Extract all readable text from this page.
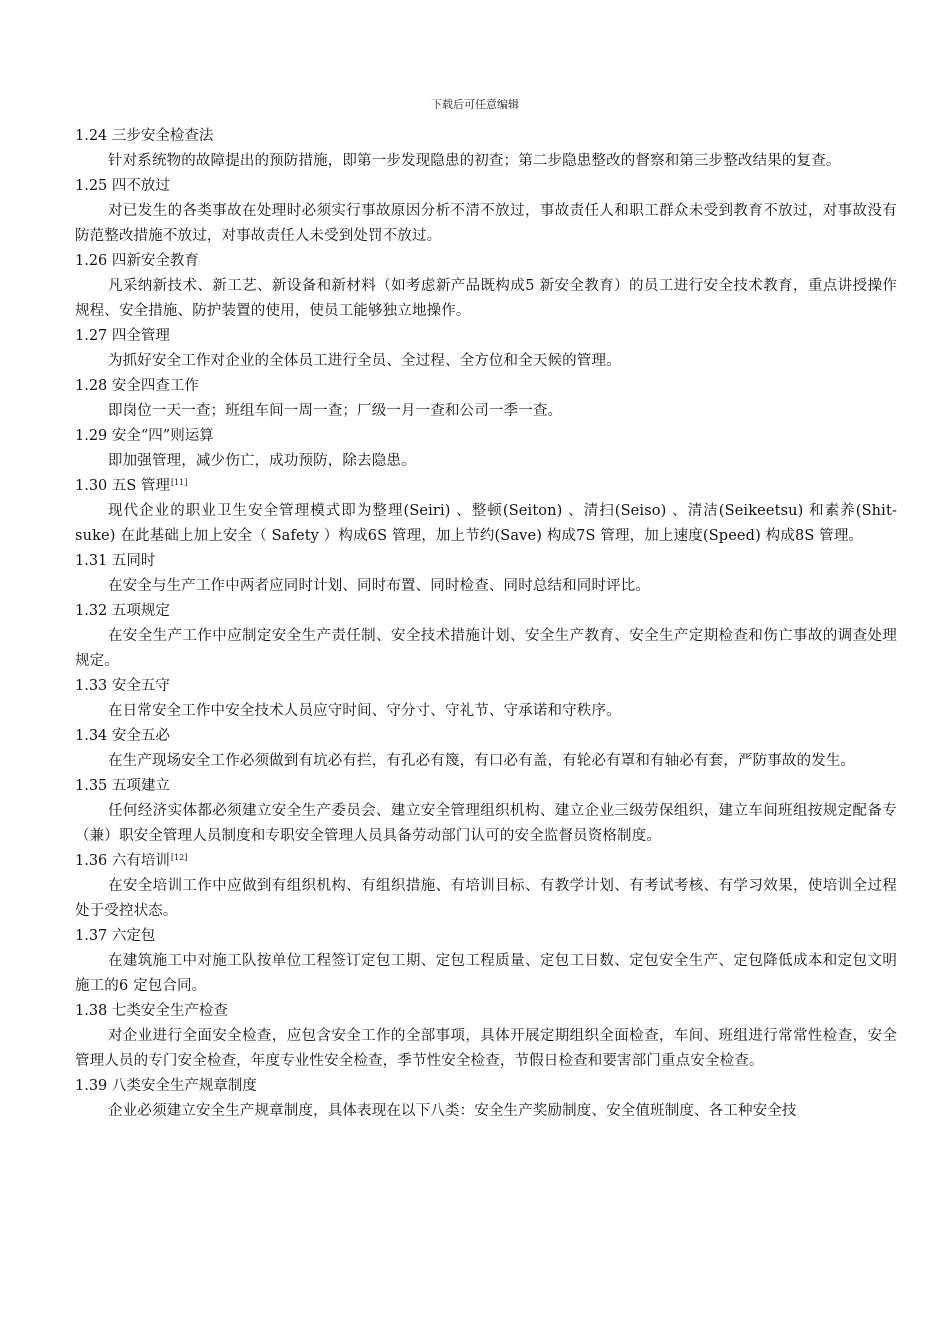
下载后可任意编辑
1.24 三步安全检查法
针对系统物的故障提出的预防措施，即第一步发现隐患的初查；第二步隐患整改的督察和第三步整改结果的复查。
1.25 四不放过
对已发生的各类事故在处理时必须实行事故原因分析不清不放过，事故责任人和职工群众未受到教育不放过，对事故没有防范整改措施不放过，对事故责任人未受到处罚不放过。
1.26 四新安全教育
凡采纳新技术、新工艺、新设备和新材料（如考虑新产品既构成5 新安全教育）的员工进行安全技术教育，重点讲授操作规程、安全措施、防护装置的使用，使员工能够独立地操作。
1.27 四全管理
为抓好安全工作对企业的全体员工进行全员、全过程、全方位和全天候的管理。
1.28 安全四查工作
即岗位一天一查；班组车间一周一查；厂级一月一查和公司一季一查。
1.29 安全“四”则运算
即加强管理，减少伤亡，成功预防，除去隐患。
1.30 五S 管理[11]
现代企业的职业卫生安全管理模式即为整理(Seiri) 、整顿(Seiton) 、清扫(Seiso) 、清洁(Seikeetsu) 和素养(Shit- suke) 在此基础上加上安全（ Safety ）构成6S 管理，加上节约(Save) 构成7S 管理，加上速度(Speed) 构成8S 管理。
1.31 五同时
在安全与生产工作中两者应同时计划、同时布置、同时检查、同时总结和同时评比。
1.32 五项规定
在安全生产工作中应制定安全生产责任制、安全技术措施计划、安全生产教育、安全生产定期检查和伤亡事故的调查处理规定。
1.33 安全五守
在日常安全工作中安全技术人员应守时间、守分寸、守礼节、守承诺和守秩序。
1.34 安全五必
在生产现场安全工作必须做到有坑必有拦，有孔必有篾，有口必有盖，有轮必有罩和有轴必有套，严防事故的发生。
1.35 五项建立
任何经济实体都必须建立安全生产委员会、建立安全管理组织机构、建立企业三级劳保组织，建立车间班组按规定配备专（兼）职安全管理人员制度和专职安全管理人员具备劳动部门认可的安全监督员资格制度。
1.36 六有培训[12]
在安全培训工作中应做到有组织机构、有组织措施、有培训目标、有教学计划、有考试考核、有学习效果，使培训全过程处于受控状态。
1.37 六定包
在建筑施工中对施工队按单位工程签订定包工期、定包工程质量、定包工日数、定包安全生产、定包降低成本和定包文明施工的6 定包合同。
1.38 七类安全生产检查
对企业进行全面安全检查，应包含安全工作的全部事项，具体开展定期组织全面检查，车间、班组进行常常性检查，安全管理人员的专门安全检查，年度专业性安全检查，季节性安全检查，节假日检查和要害部门重点安全检查。
1.39 八类安全生产规章制度
企业必须建立安全生产规章制度，具体表现在以下八类：安全生产奖励制度、安全值班制度、各工种安全技
